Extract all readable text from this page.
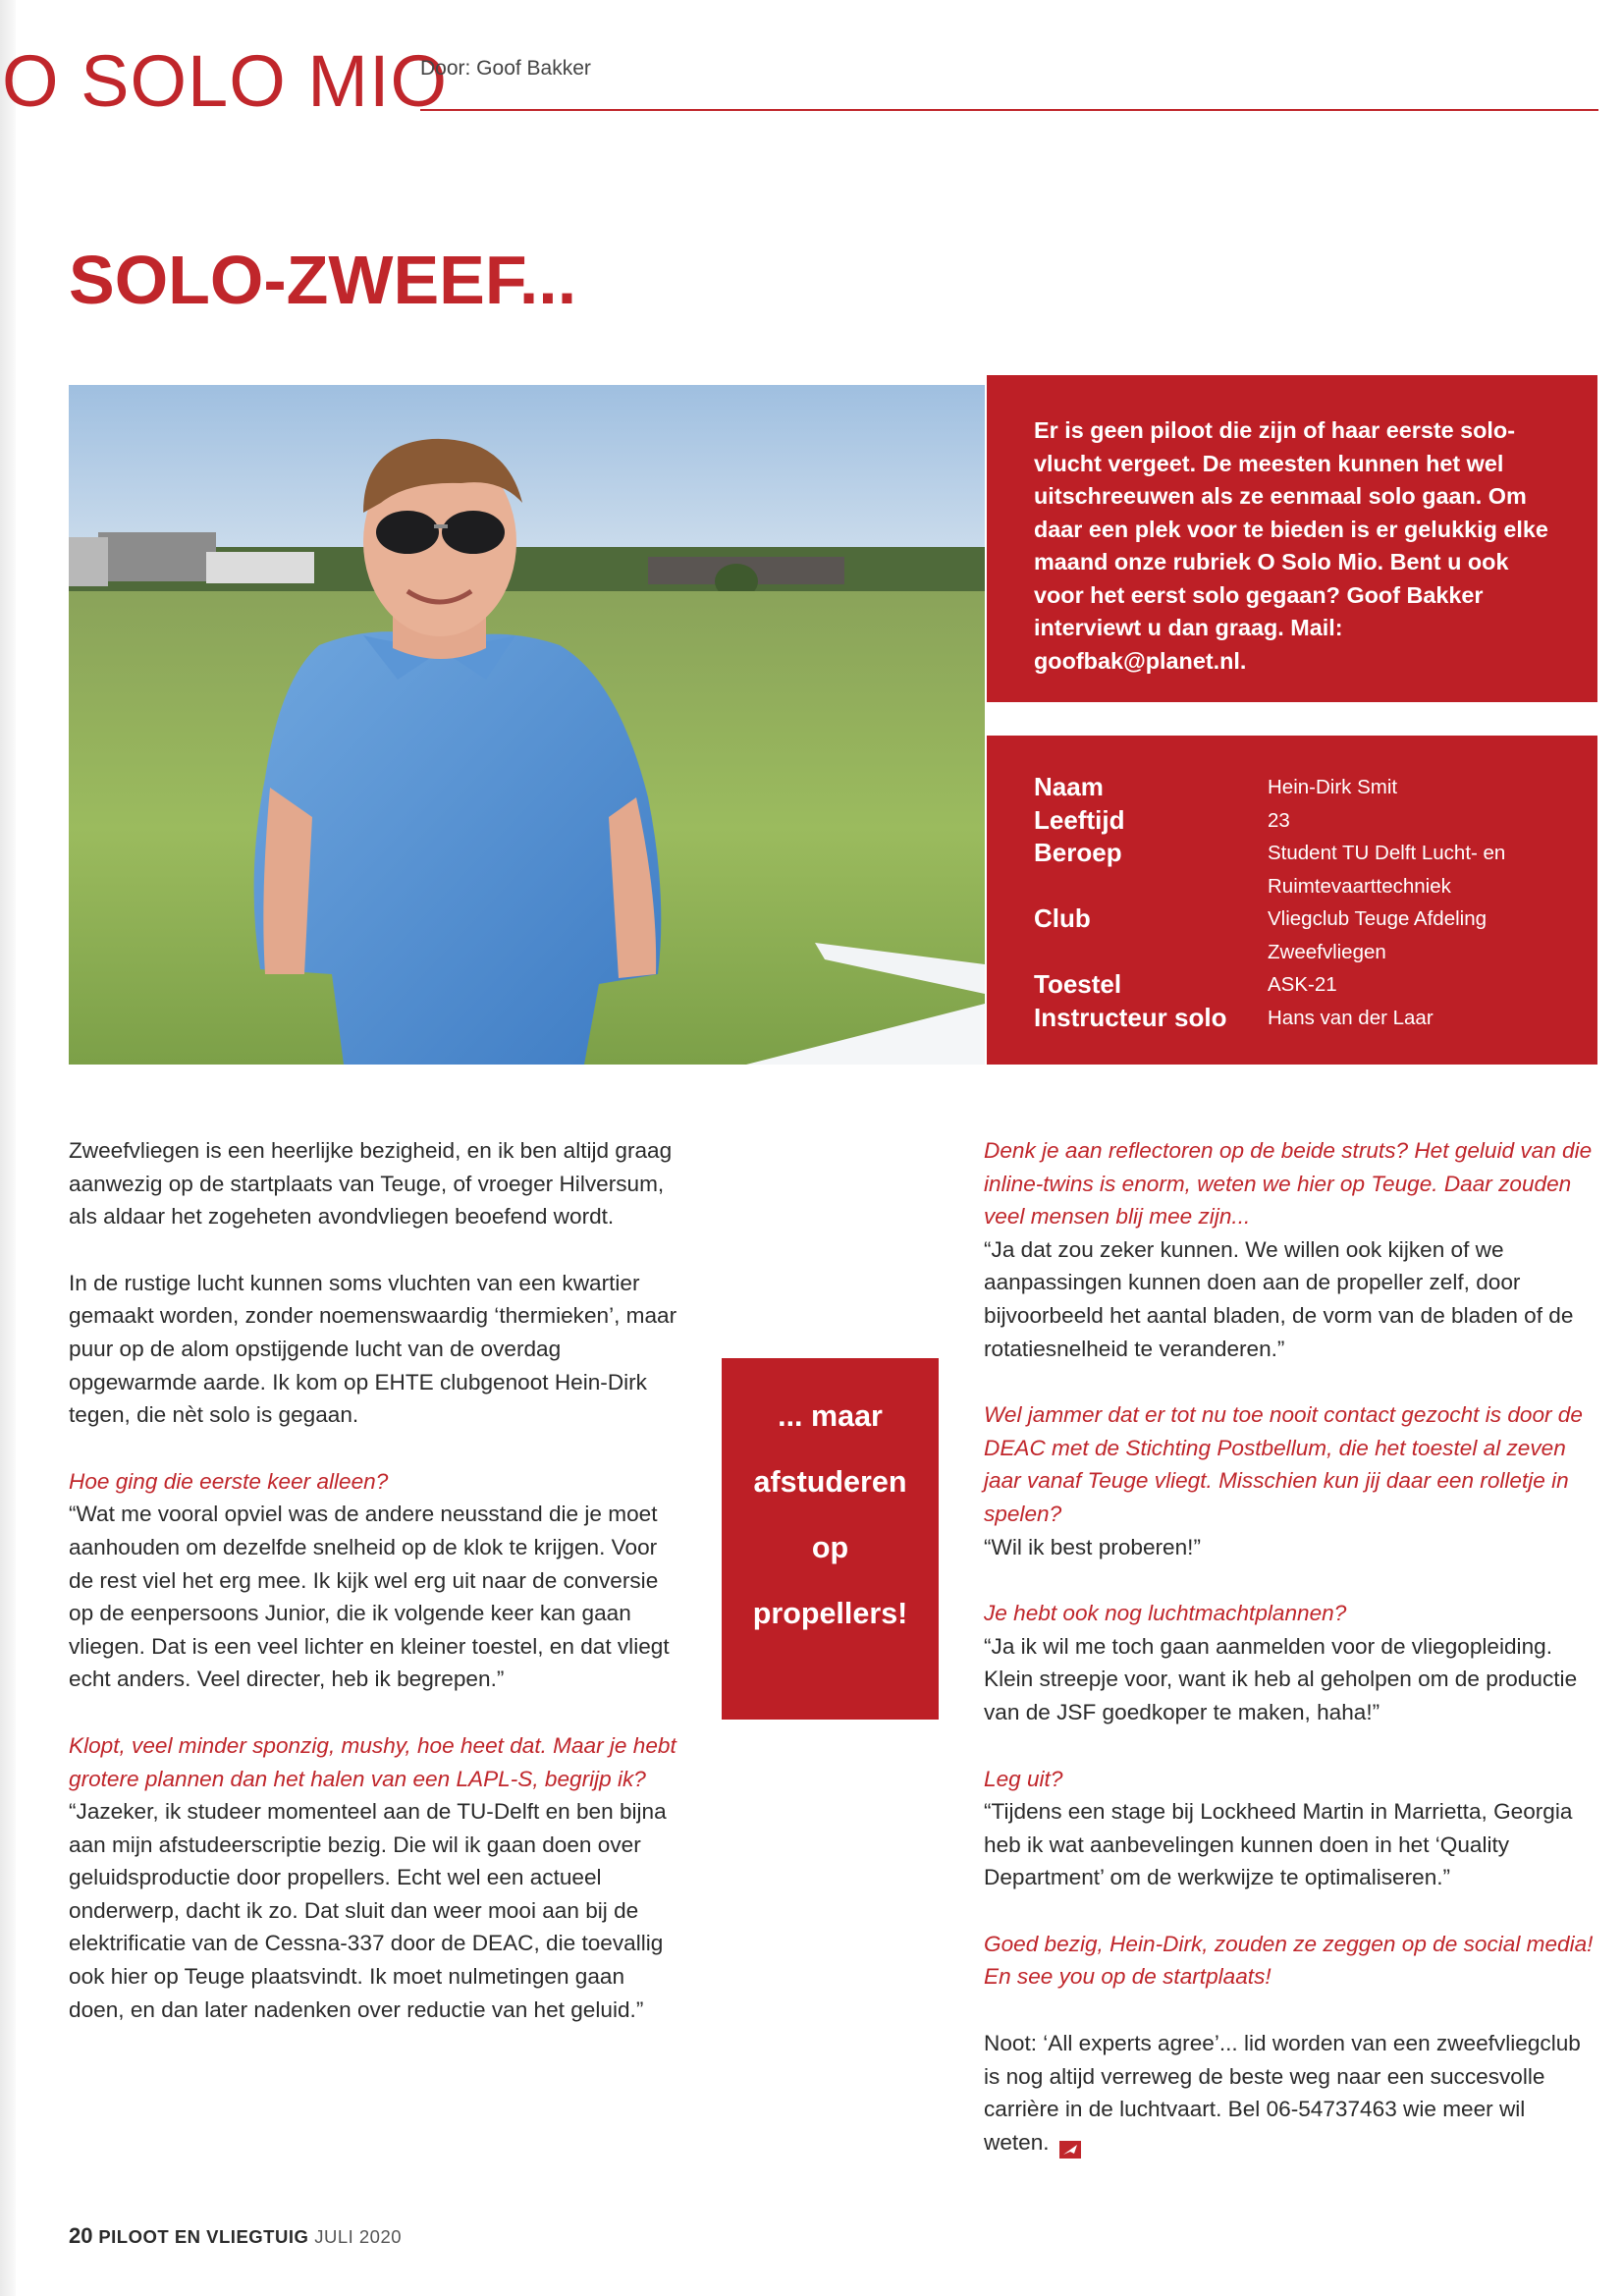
O SOLO MIO
Door: Goof Bakker
SOLO-ZWEEF...

Er is geen piloot die zijn of haar eerste solo-vlucht vergeet. De meesten kunnen het wel uitschreeuwen als ze eenmaal solo gaan. Om daar een plek voor te bieden is er gelukkig elke maand onze rubriek O Solo Mio. Bent u ook voor het eerst solo gegaan? Goof Bakker interviewt u dan graag. Mail: goofbak@planet.nl.

Naam	Hein-Dirk Smit
Leeftijd	23
Beroep	Student TU Delft Lucht- en Ruimtevaarttechniek
Club	Vliegclub Teuge Afdeling Zweefvliegen
Toestel	ASK-21
Instructeur solo	Hans van der Laar

Zweefvliegen is een heerlijke bezigheid, en ik ben altijd graag aanwezig op de startplaats van Teuge, of vroeger Hilversum, als aldaar het zogeheten avondvliegen beoefend wordt.

In de rustige lucht kunnen soms vluchten van een kwartier gemaakt worden, zonder noemenswaardig ‘thermieken’, maar puur op de alom opstijgende lucht van de overdag opgewarmde aarde. Ik kom op EHTE clubgenoot Hein-Dirk tegen, die nèt solo is gegaan.

Hoe ging die eerste keer alleen?
“Wat me vooral opviel was de andere neusstand die je moet aanhouden om dezelfde snelheid op de klok te krijgen. Voor de rest viel het erg mee. Ik kijk wel erg uit naar de conversie op de eenpersoons Junior, die ik volgende keer kan gaan vliegen. Dat is een veel lichter en kleiner toestel, en dat vliegt echt anders. Veel directer, heb ik begrepen.”

Klopt, veel minder sponzig, mushy, hoe heet dat. Maar je hebt grotere plannen dan het halen van een LAPL-S, begrijp ik?
“Jazeker, ik studeer momenteel aan de TU-Delft en ben bijna aan mijn afstudeerscriptie bezig. Die wil ik gaan doen over geluidsproductie door propellers. Echt wel een actueel onderwerp, dacht ik zo. Dat sluit dan weer mooi aan bij de elektrificatie van de Cessna-337 door de DEAC, die toevallig ook hier op Teuge plaatsvindt. Ik moet nulmetingen gaan doen, en dan later nadenken over reductie van het geluid.”

... maar
afstuderen
op
propellers!

Denk je aan reflectoren op de beide struts? Het geluid van die inline-twins is enorm, weten we hier op Teuge. Daar zouden veel mensen blij mee zijn...
“Ja dat zou zeker kunnen. We willen ook kijken of we aanpassingen kunnen doen aan de propeller zelf, door bijvoorbeeld het aantal bladen, de vorm van de bladen of de rotatiesnelheid te veranderen.”

Wel jammer dat er tot nu toe nooit contact gezocht is door de DEAC met de Stichting Postbellum, die het toestel al zeven jaar vanaf Teuge vliegt. Misschien kun jij daar een rolletje in spelen?
“Wil ik best proberen!”

Je hebt ook nog luchtmachtplannen?
“Ja ik wil me toch gaan aanmelden voor de vliegopleiding. Klein streepje voor, want ik heb al geholpen om de productie van de JSF goedkoper te maken, haha!”

Leg uit?
“Tijdens een stage bij Lockheed Martin in Marrietta, Georgia heb ik wat aanbevelingen kunnen doen in het ‘Quality Department’ om de werkwijze te optimaliseren.”

Goed bezig, Hein-Dirk, zouden ze zeggen op de social media! En see you op de startplaats!

Noot: ‘All experts agree’... lid worden van een zweefvliegclub is nog altijd verreweg de beste weg naar een succesvolle carrière in de luchtvaart. Bel 06-54737463 wie meer wil weten.

20 PILOOT EN VLIEGTUIG JULI 2020
